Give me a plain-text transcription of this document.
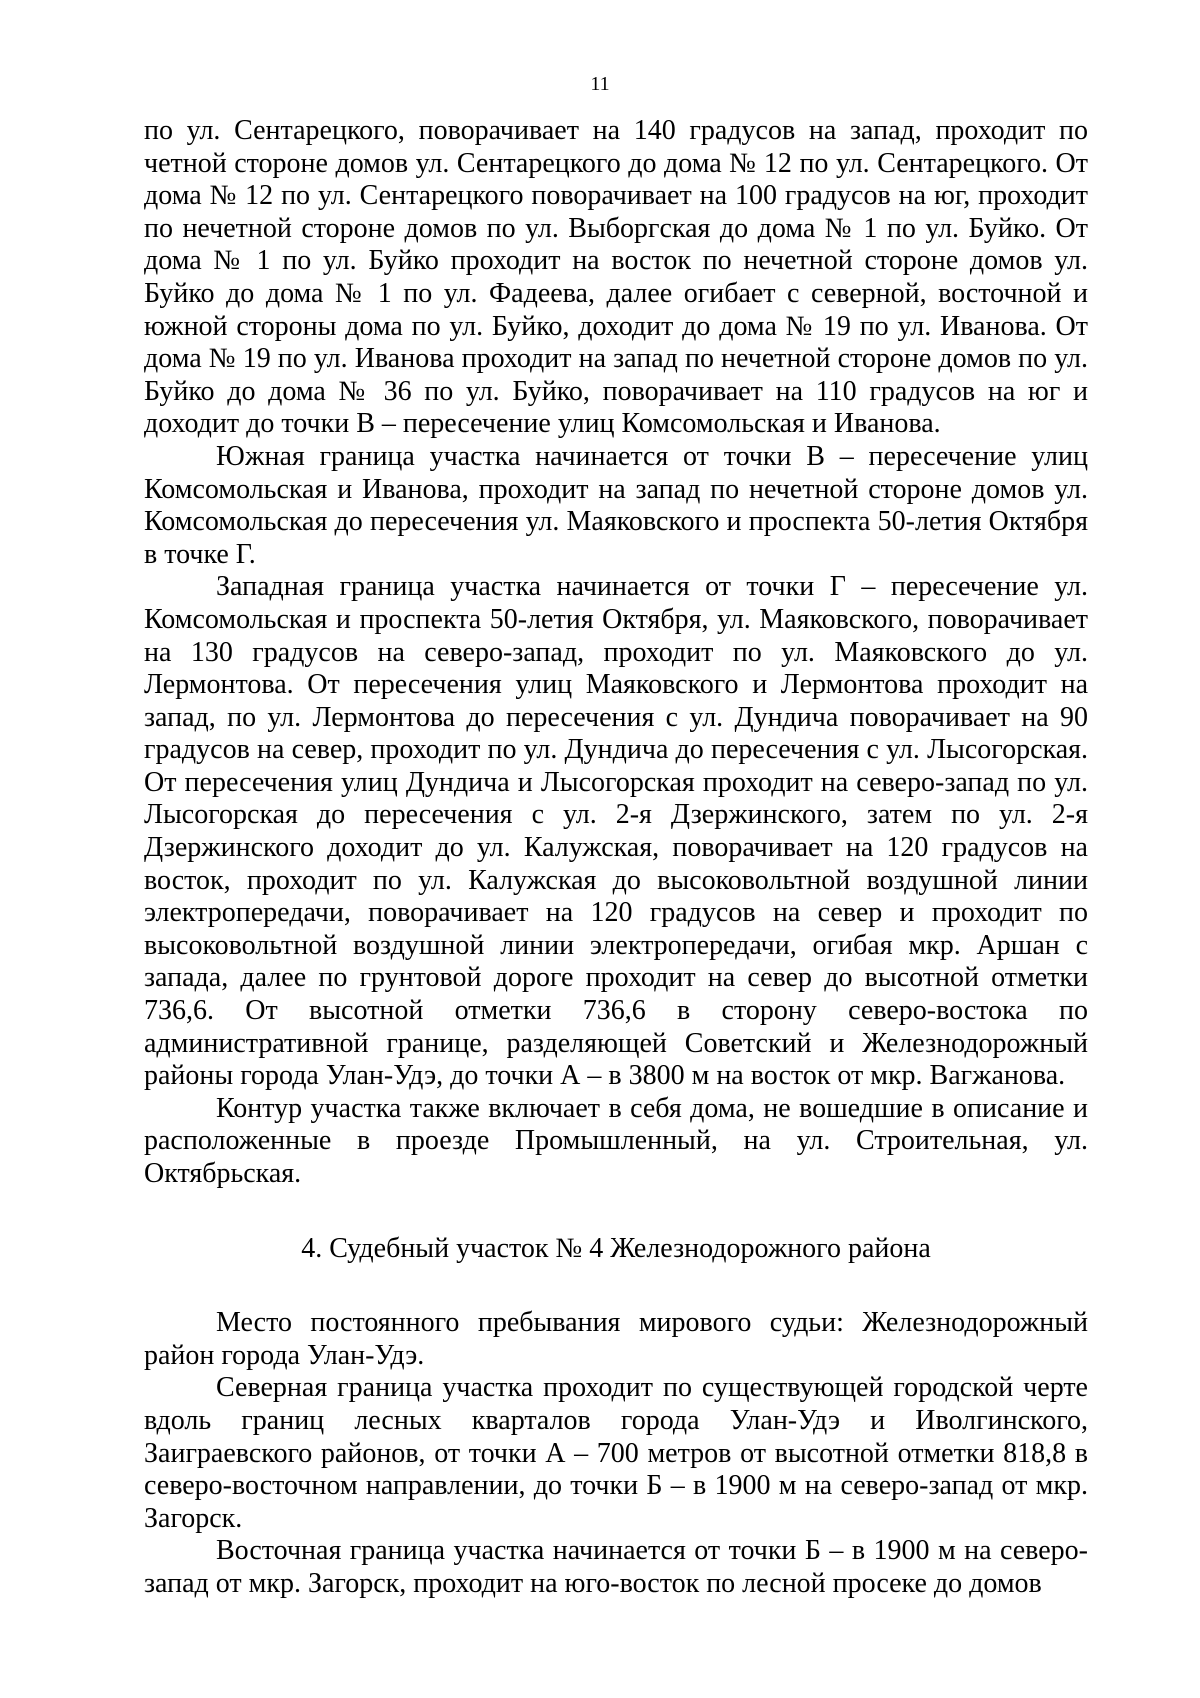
11

по ул. Сентарецкого, поворачивает на 140 градусов на запад, проходит по четной стороне домов ул. Сентарецкого до дома № 12 по ул. Сентарецкого. От дома № 12 по ул. Сентарецкого поворачивает на 100 градусов на юг, проходит по нечетной стороне домов по ул. Выборгская до дома № 1 по ул. Буйко. От дома № 1 по ул. Буйко проходит на восток по нечетной стороне домов ул. Буйко до дома № 1 по ул. Фадеева, далее огибает с северной, восточной и южной стороны дома по ул. Буйко, доходит до дома № 19 по ул. Иванова. От дома № 19 по ул. Иванова проходит на запад по нечетной стороне домов по ул. Буйко до дома № 36 по ул. Буйко, поворачивает на 110 градусов на юг и доходит до точки В – пересечение улиц Комсомольская и Иванова.

Южная граница участка начинается от точки В – пересечение улиц Комсомольская и Иванова, проходит на запад по нечетной стороне домов ул. Комсомольская до пересечения ул. Маяковского и проспекта 50-летия Октября в точке Г.

Западная граница участка начинается от точки Г – пересечение ул. Комсомольская и проспекта 50-летия Октября, ул. Маяковского, поворачивает на 130 градусов на северо-запад, проходит по ул. Маяковского до ул. Лермонтова. От пересечения улиц Маяковского и Лермонтова проходит на запад, по ул. Лермонтова до пересечения с ул. Дундича поворачивает на 90 градусов на север, проходит по ул. Дундича до пересечения с ул. Лысогорская. От пересечения улиц Дундича и Лысогорская проходит на северо-запад по ул. Лысогорская до пересечения с ул. 2-я Дзержинского, затем по ул. 2-я Дзержинского доходит до ул. Калужская, поворачивает на 120 градусов на восток, проходит по ул. Калужская до высоковольтной воздушной линии электропередачи, поворачивает на 120 градусов на север и проходит по высоковольтной воздушной линии электропередачи, огибая мкр. Аршан с запада, далее по грунтовой дороге проходит на север до высотной отметки 736,6. От высотной отметки 736,6 в сторону северо-востока по административной границе, разделяющей Советский и Железнодорожный районы города Улан-Удэ, до точки А – в 3800 м на восток от мкр. Вагжанова.

Контур участка также включает в себя дома, не вошедшие в описание и расположенные в проезде Промышленный, на ул. Строительная, ул. Октябрьская.

4. Судебный участок № 4 Железнодорожного района

Место постоянного пребывания мирового судьи: Железнодорожный район города Улан-Удэ.

Северная граница участка проходит по существующей городской черте вдоль границ лесных кварталов города Улан-Удэ и Иволгинского, Заиграевского районов, от точки А – 700 метров от высотной отметки 818,8 в северо-восточном направлении, до точки Б – в 1900 м на северо-запад от мкр. Загорск.

Восточная граница участка начинается от точки Б – в 1900 м на северо-запад от мкр. Загорск, проходит на юго-восток по лесной просеке до домов
